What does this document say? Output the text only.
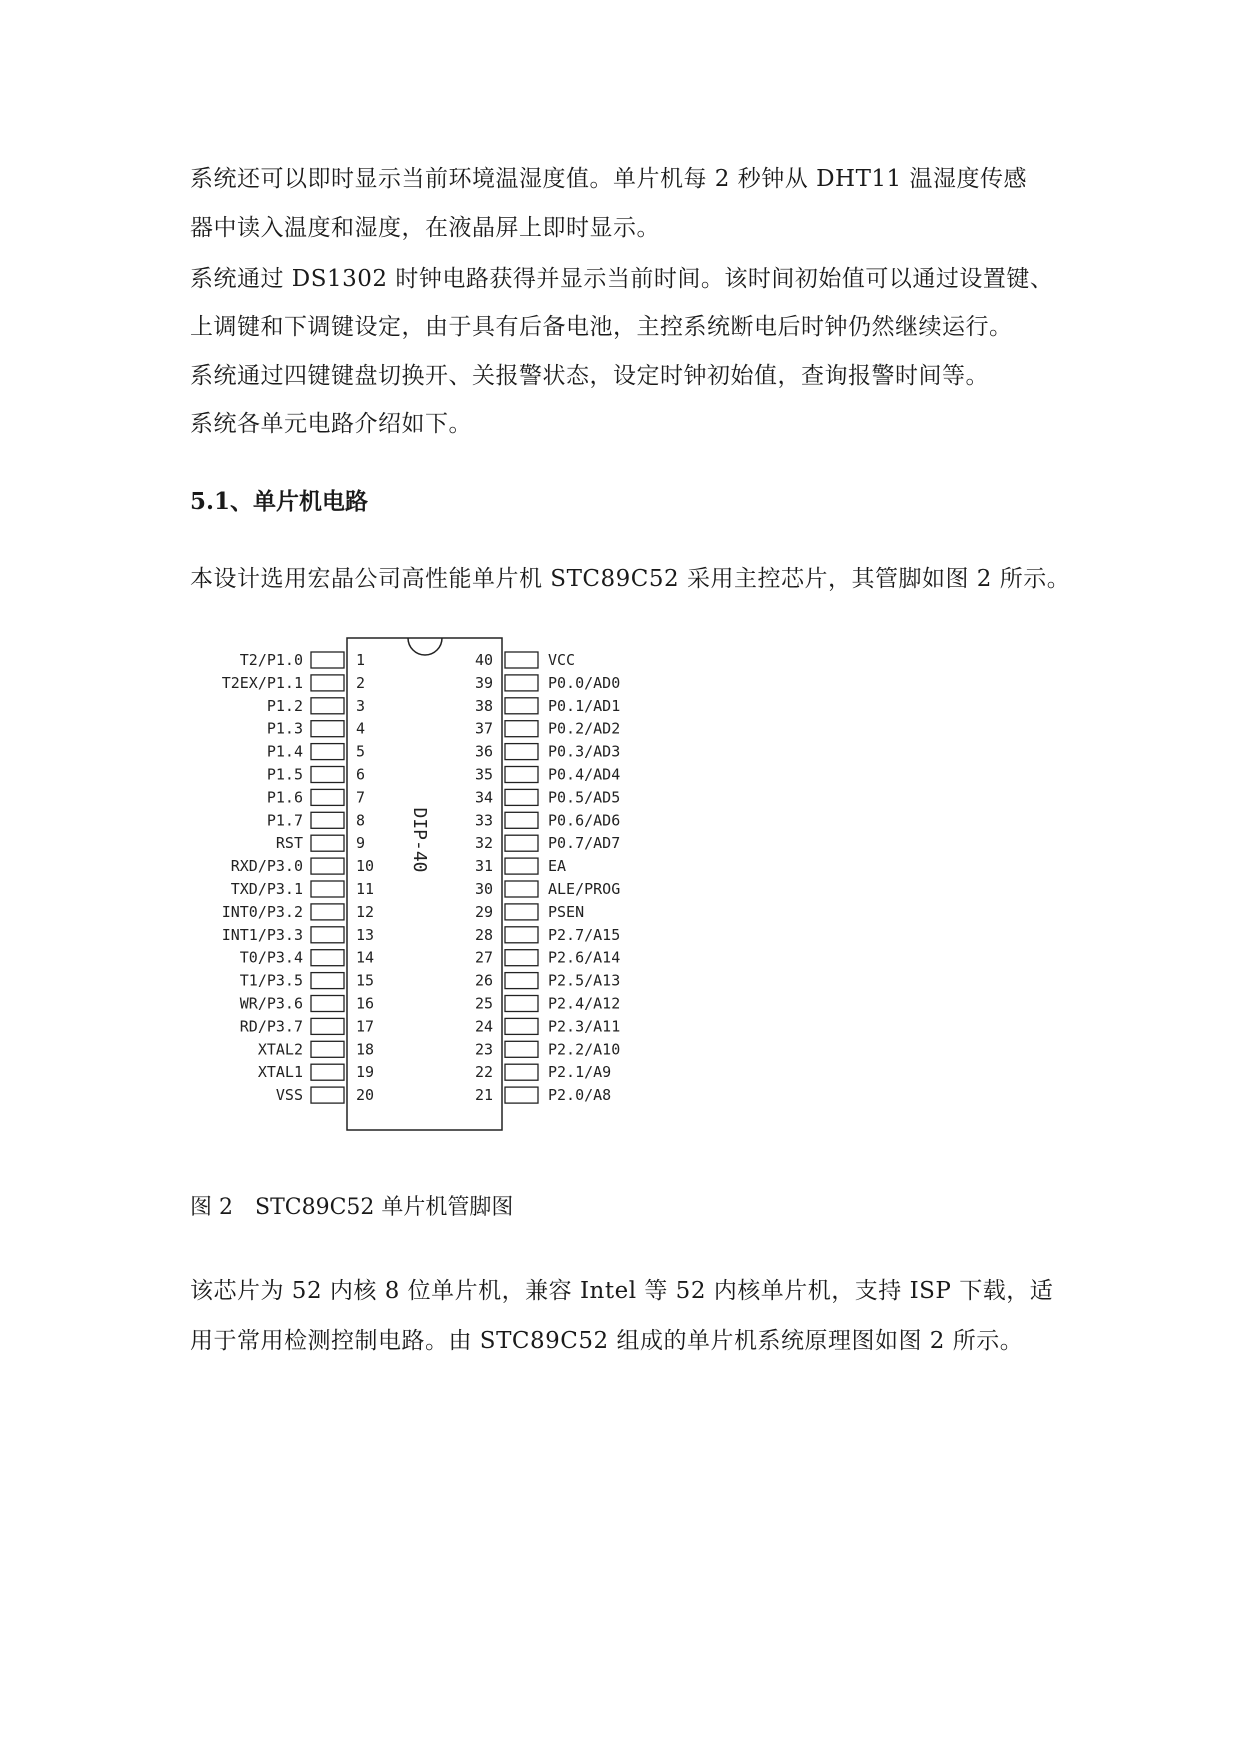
系统还可以即时显示当前环境温湿度值。单片机每 2 秒钟从 DHT11 温湿度传感
器中读入温度和湿度，在液晶屏上即时显示。
系统通过 DS1302 时钟电路获得并显示当前时间。该时间初始值可以通过设置键、
上调键和下调键设定，由于具有后备电池，主控系统断电后时钟仍然继续运行。
系统通过四键键盘切换开、关报警状态，设定时钟初始值，查询报警时间等。
系统各单元电路介绍如下。
5.1、单片机电路
本设计选用宏晶公司高性能单片机 STC89C52 采用主控芯片，其管脚如图 2 所示。
T2/P1.0	1
T2EX/P1.1	2
P1.2	3
P1.3	4
P1.4	5
P1.5	6
P1.6	7
P1.7	8
RST	9
RXD/P3.0	10
TXD/P3.1	11
INT0/P3.2	12
INT1/P3.3	13
T0/P3.4	14
T1/P3.5	15
WR/P3.6	16
RD/P3.7	17
XTAL2	18
XTAL1	19
VSS	20
40	VCC
39	P0.0/AD0
38	P0.1/AD1
37	P0.2/AD2
36	P0.3/AD3
35	P0.4/AD4
34	P0.5/AD5
33	P0.6/AD6
32	P0.7/AD7
31	EA
30	ALE/PROG
29	PSEN
28	P2.7/A15
27	P2.6/A14
26	P2.5/A13
25	P2.4/A12
24	P2.3/A11
23	P2.2/A10
22	P2.1/A9
21	P2.0/A8
DIP-40
图 2 STC89C52 单片机管脚图
该芯片为 52 内核 8 位单片机，兼容 Intel 等 52 内核单片机，支持 ISP 下载，适
用于常用检测控制电路。由 STC89C52 组成的单片机系统原理图如图 2 所示。
